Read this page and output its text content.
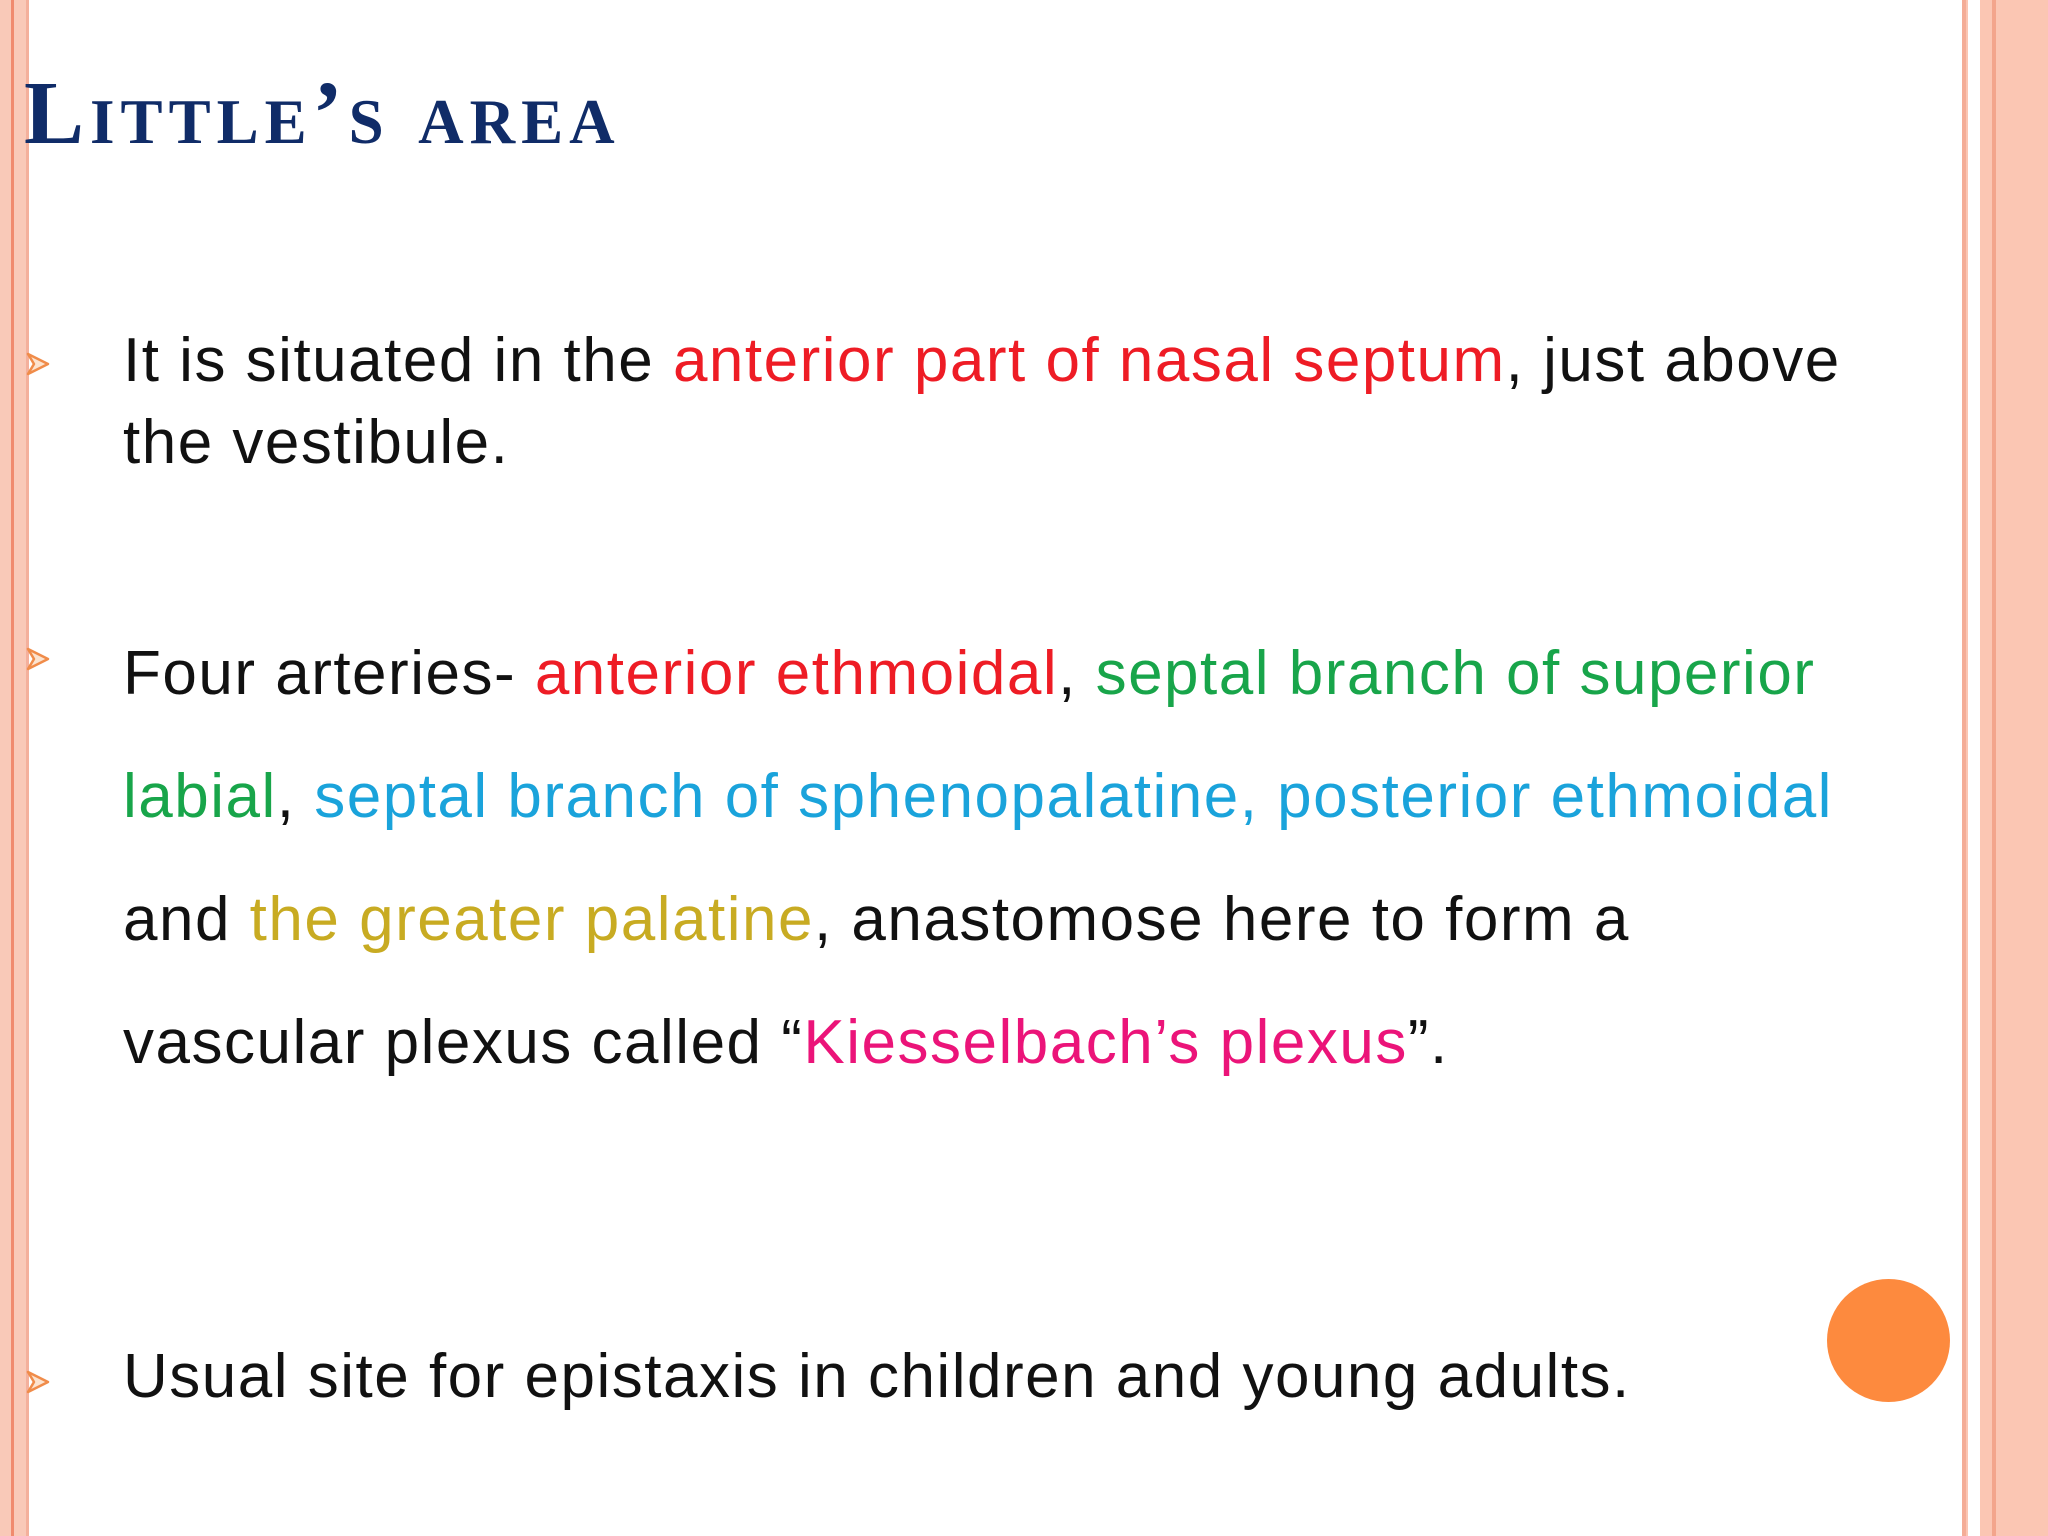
Little’s area

It is situated in the anterior part of nasal septum, just above the vestibule.

Four arteries- anterior ethmoidal, septal branch of superior labial, septal branch of sphenopalatine, posterior ethmoidal and the greater palatine, anastomose here to form a vascular plexus called “Kiesselbach’s plexus”.

Usual site for epistaxis in children and young adults.
